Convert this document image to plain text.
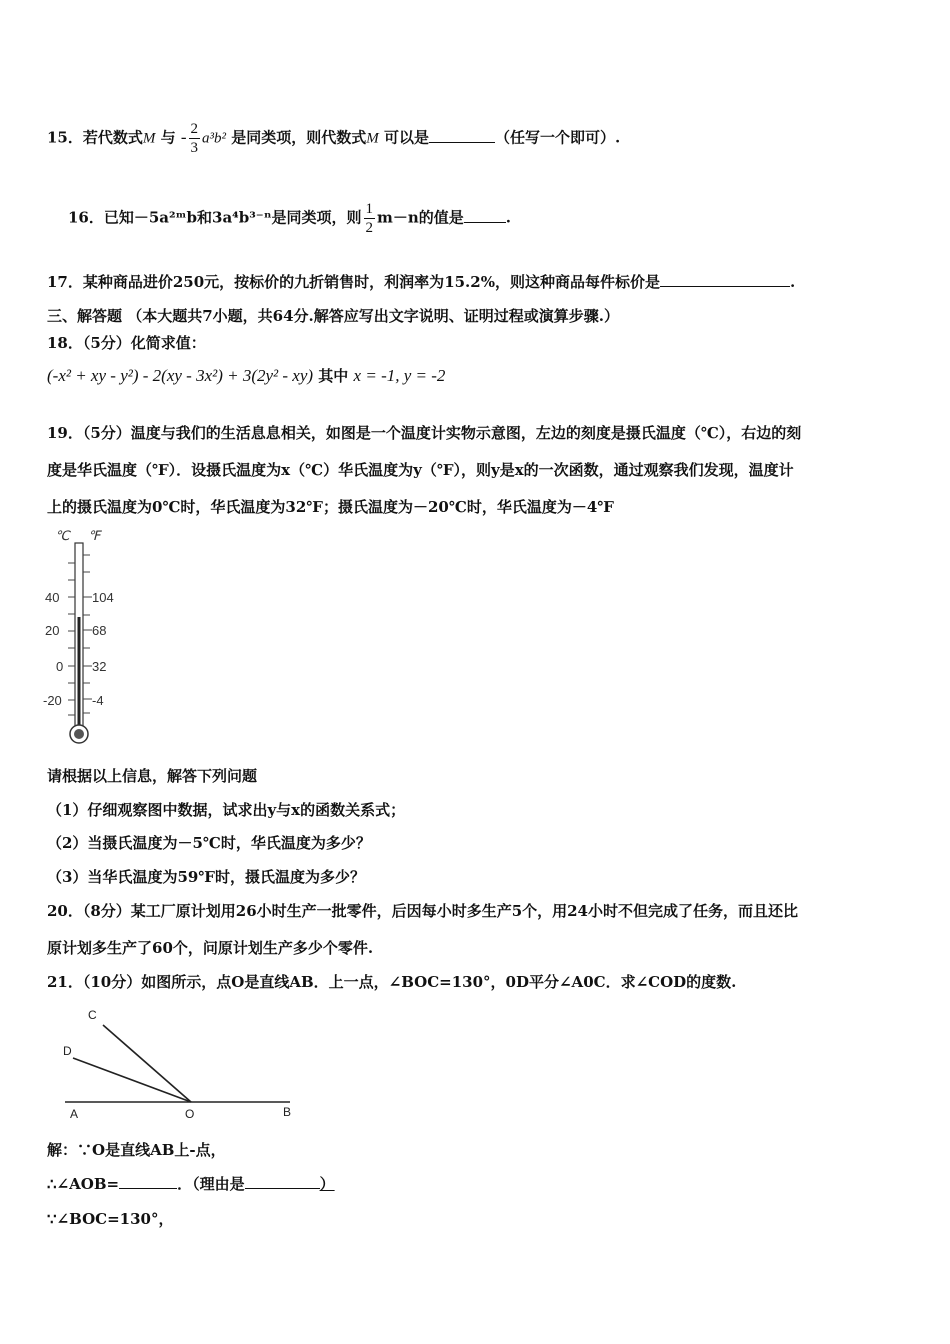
15．若代数式M 与 - $\frac{2}{3} a^3b^2$ 是同类项，则代数式M 可以是	（任写一个即可）.
16．已知－5a²ᵐb和3a⁴b³⁻ⁿ是同类项，则 $\frac{1}{2} m-n$的值是	.
17．某种商品进价250元，按标价的九折销售时，利润率为15.2%，则这种商品每件标价是	.
三、解答题 （本大题共7小题，共64分.解答应写出文字说明、证明过程或演算步骤.）
18．（5分）化简求值：
(-x² + xy - y²) - 2(xy - 3x²) + 3(2y² - xy) 其中 x = -1, y = -2
19．（5分）温度与我们的生活息息相关，如图是一个温度计实物示意图，左边的刻度是摄氏温度（℃），右边的刻
度是华氏温度（℉）．设摄氏温度为x（℃）华氏温度为y（℉），则y是x的一次函数，通过观察我们发现，温度计
上的摄氏温度为0℃时，华氏温度为32℉；摄氏温度为－20℃时，华氏温度为－4℉
℃ ℉
40
20
0
-20
104
68
32
-4
请根据以上信息，解答下列问题
（1）仔细观察图中数据，试求出y与x的函数关系式；
（2）当摄氏温度为－5℃时，华氏温度为多少？
（3）当华氏温度为59℉时，摄氏温度为多少？
20．（8分）某工厂原计划用26小时生产一批零件，后因每小时多生产5个，用24小时不但完成了任务，而且还比
原计划多生产了60个，问原计划生产多少个零件.
21．（10分）如图所示，点O是直线AB．上一点，∠BOC=130°，0D平分∠A0C．求∠COD的度数.
A	O	B
C
D
解：∵O是直线AB上-点，
∴∠AOB=	．（理由是	）
∵∠BOC=130°，
